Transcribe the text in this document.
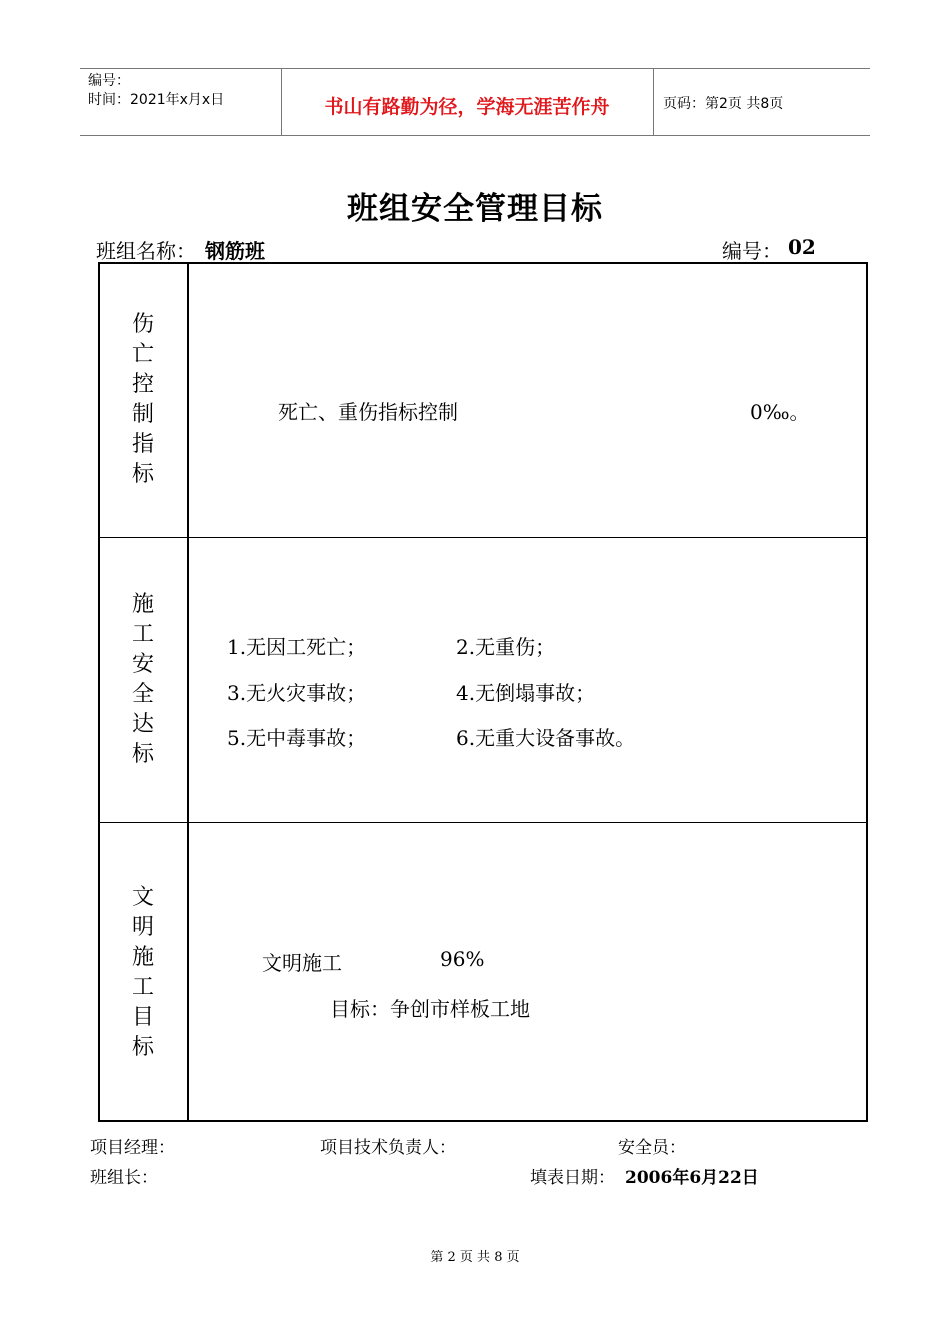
编号：
时间：2021年x月x日	书山有路勤为径，学海无涯苦作舟	页码：第2页 共8页
班组安全管理目标
班组名称： 钢筋班	编号： 02
伤
亡
控
制
指
标
死亡、重伤指标控制	0‰。
施
工
安
全
达
标
1.无因工死亡；	2.无重伤；
3.无火灾事故；	4.无倒塌事故；
5.无中毒事故；	6.无重大设备事故。
文
明
施
工
目
标
文明施工	96%
目标：争创市样板工地
项目经理：	项目技术负责人：	安全员：
班组长：	填表日期： 2006年6月22日
第 2 页 共 8 页
